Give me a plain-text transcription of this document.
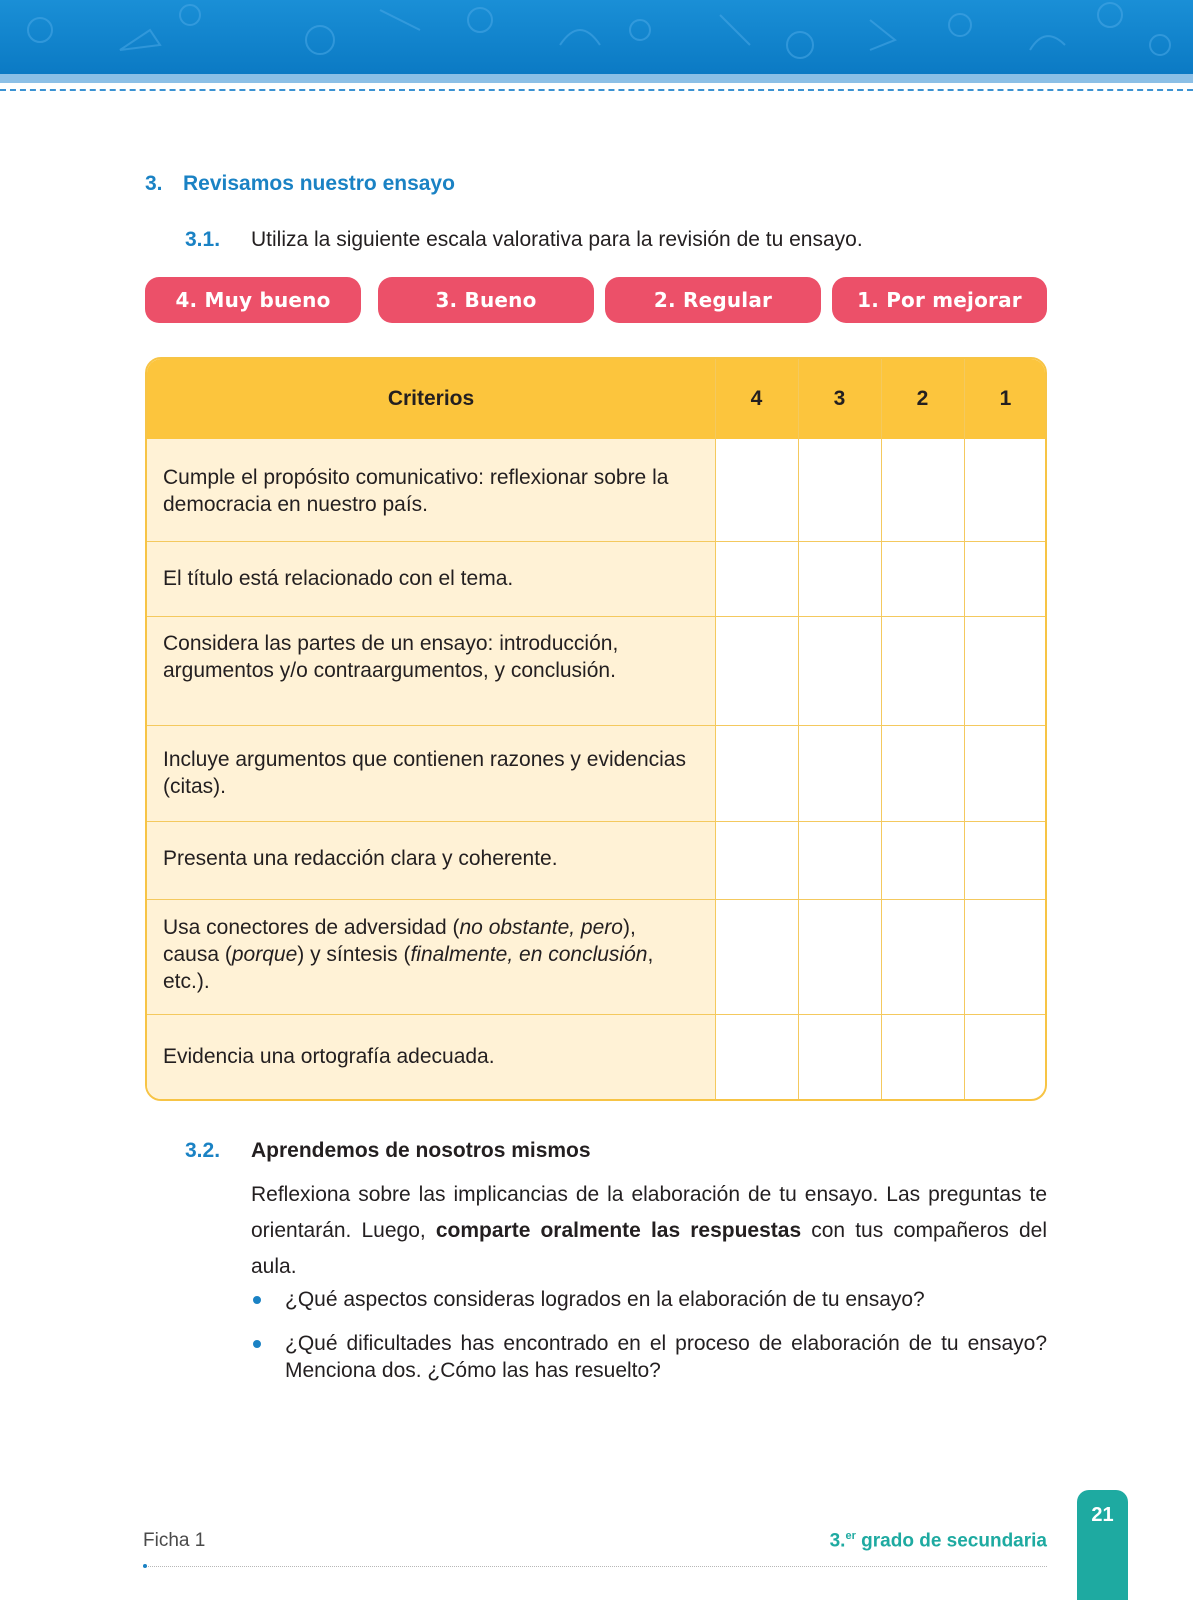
3. Revisamos nuestro ensayo
3.1. Utiliza la siguiente escala valorativa para la revisión de tu ensayo.
4. Muy bueno	3. Bueno	2. Regular	1. Por mejorar
Criterios	4	3	2	1
Cumple el propósito comunicativo: reflexionar sobre la democracia en nuestro país.
El título está relacionado con el tema.
Considera las partes de un ensayo: introducción, argumentos y/o contraargumentos, y conclusión.
Incluye argumentos que contienen razones y evidencias (citas).
Presenta una redacción clara y coherente.
Usa conectores de adversidad (no obstante, pero), causa (porque) y síntesis (finalmente, en conclusión, etc.).
Evidencia una ortografía adecuada.
3.2. Aprendemos de nosotros mismos
Reflexiona sobre las implicancias de la elaboración de tu ensayo. Las preguntas te orientarán. Luego, comparte oralmente las respuestas con tus compañeros del aula.
¿Qué aspectos consideras logrados en la elaboración de tu ensayo?
¿Qué dificultades has encontrado en el proceso de elaboración de tu ensayo? Menciona dos. ¿Cómo las has resuelto?
Ficha 1	3.$^{er}$ grado de secundaria
21
